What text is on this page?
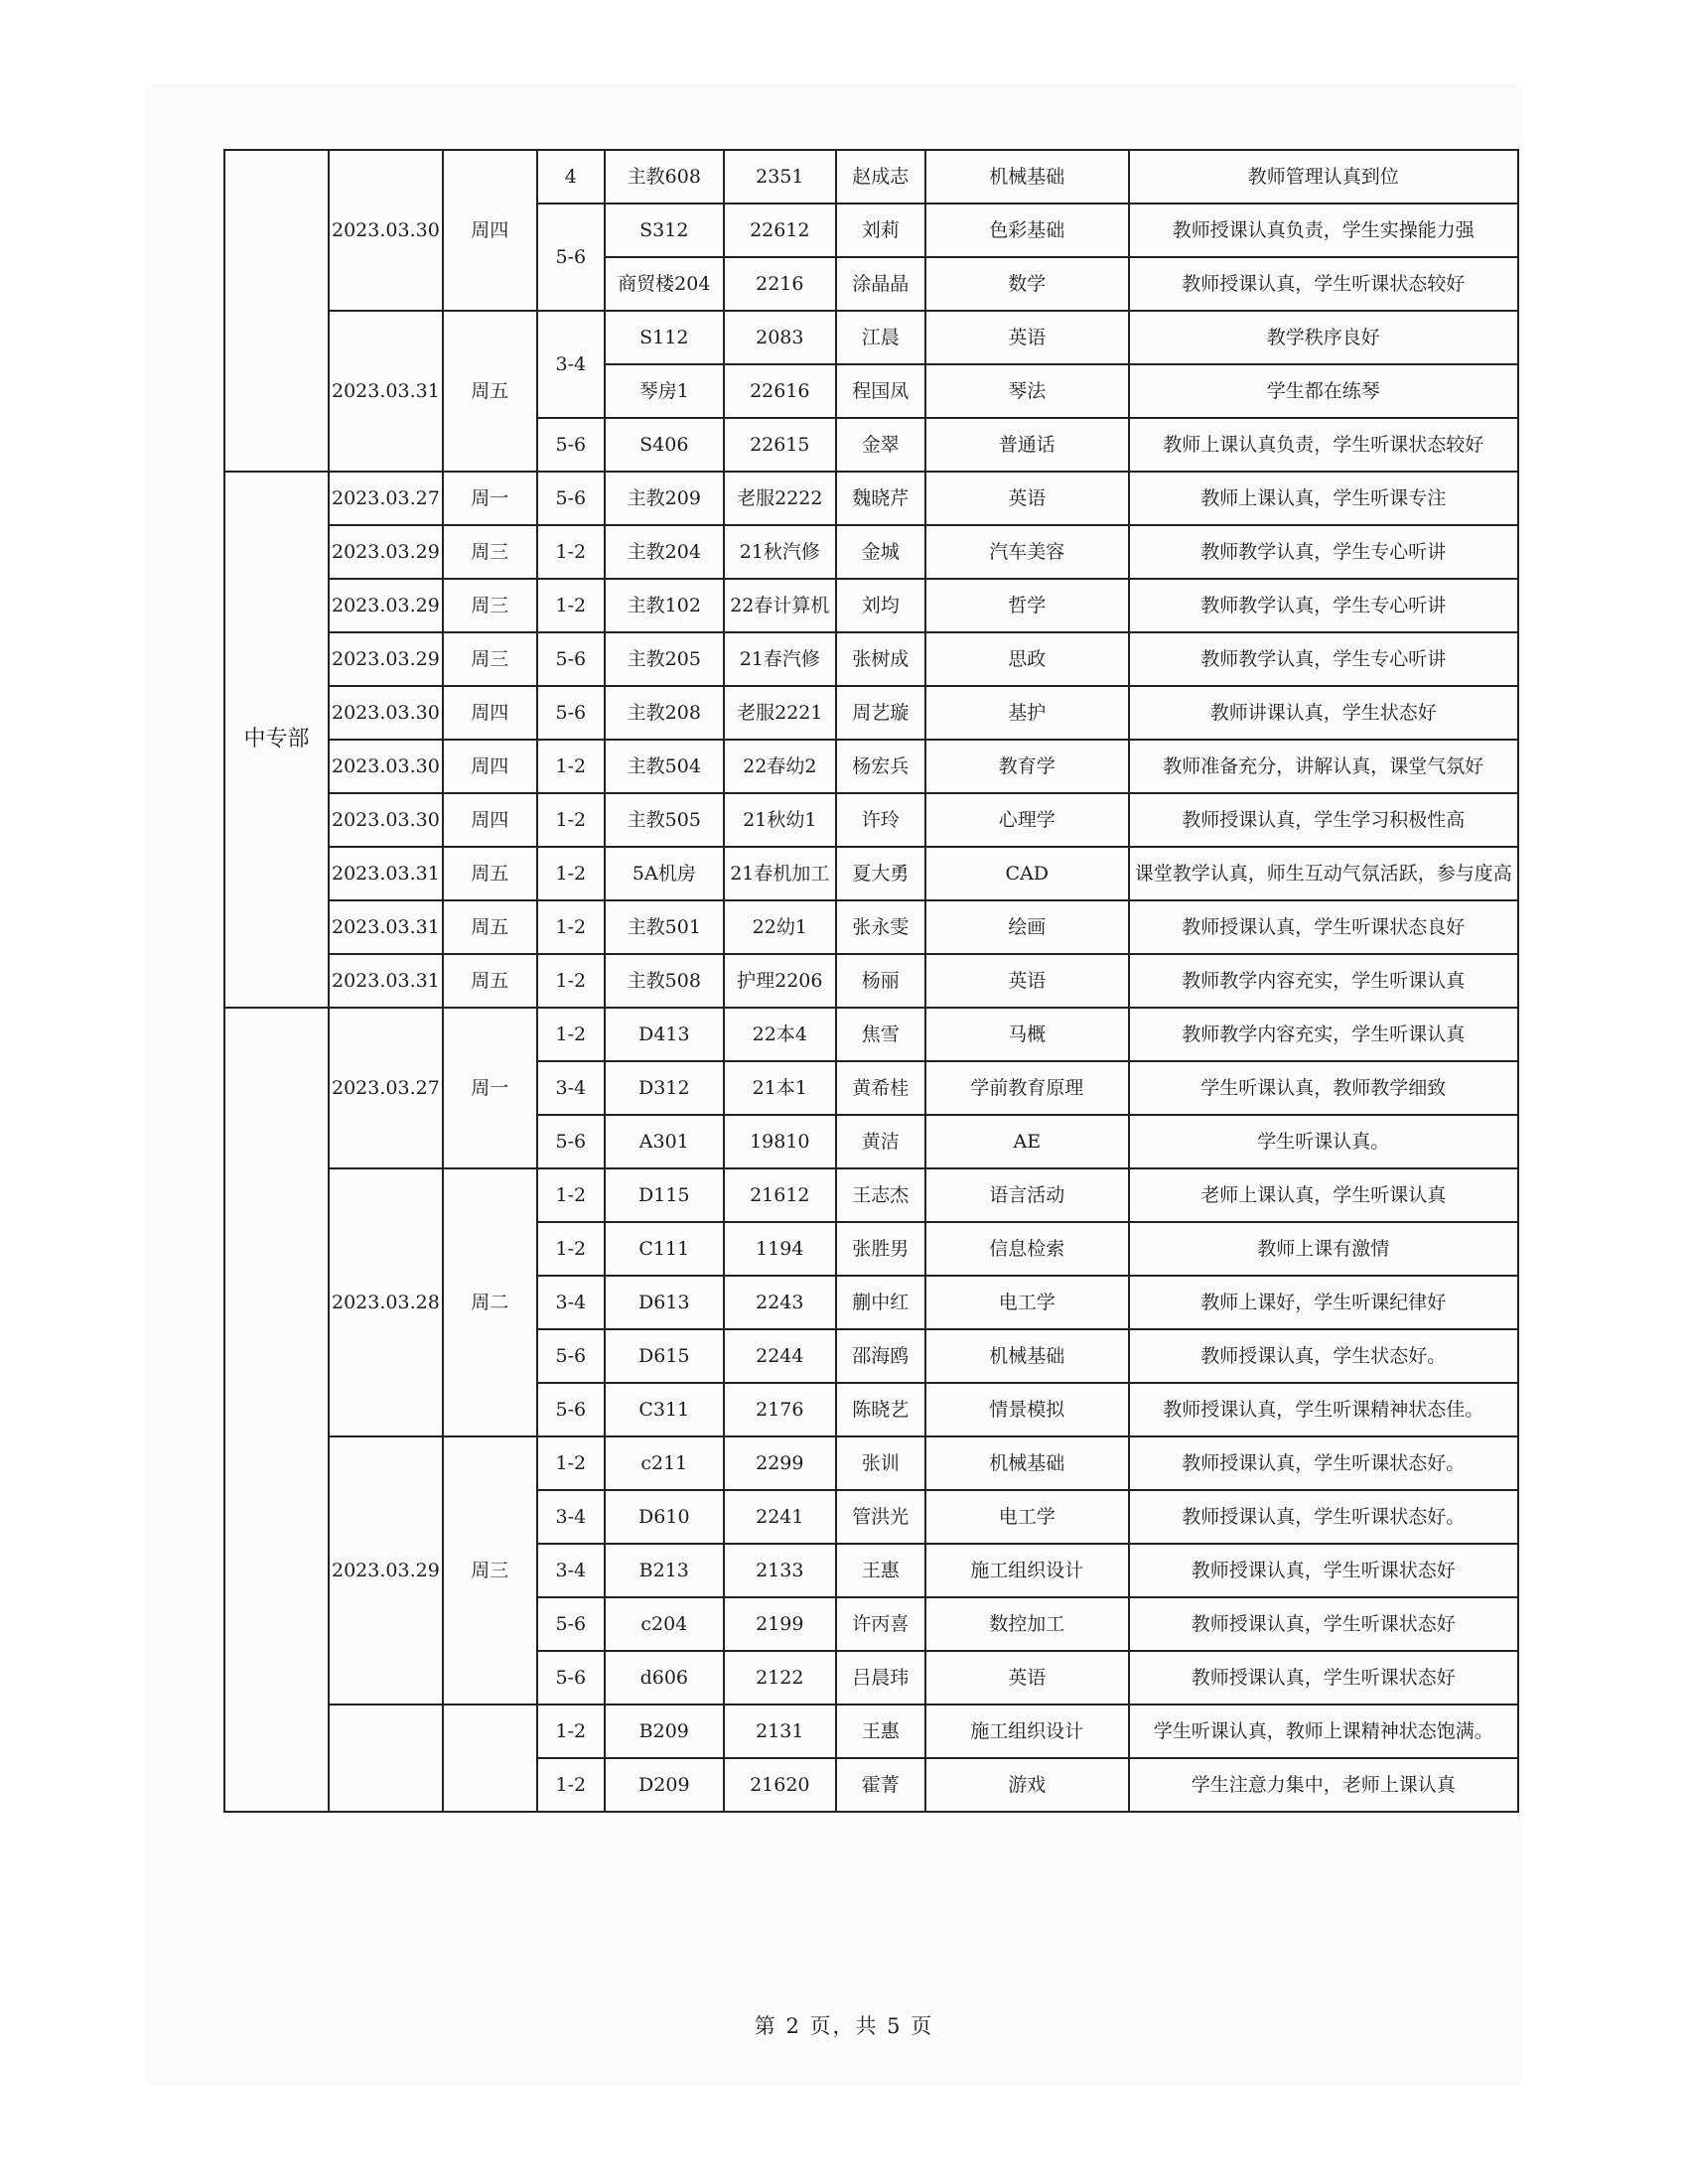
	2023.03.30	周四	4	主教608	2351	赵成志	机械基础	教师管理认真到位
			5-6	S312	22612	刘莉	色彩基础	教师授课认真负责，学生实操能力强
				商贸楼204	2216	涂晶晶	数学	教师授课认真，学生听课状态较好
	2023.03.31	周五	3-4	S112	2083	江晨	英语	教学秩序良好
				琴房1	22616	程国凤	琴法	学生都在练琴
			5-6	S406	22615	金翠	普通话	教师上课认真负责，学生听课状态较好
中专部	2023.03.27	周一	5-6	主教209	老服2222	魏晓芹	英语	教师上课认真，学生听课专注
	2023.03.29	周三	1-2	主教204	21秋汽修	金城	汽车美容	教师教学认真，学生专心听讲
	2023.03.29	周三	1-2	主教102	22春计算机	刘均	哲学	教师教学认真，学生专心听讲
	2023.03.29	周三	5-6	主教205	21春汽修	张树成	思政	教师教学认真，学生专心听讲
	2023.03.30	周四	5-6	主教208	老服2221	周艺璇	基护	教师讲课认真，学生状态好
	2023.03.30	周四	1-2	主教504	22春幼2	杨宏兵	教育学	教师准备充分，讲解认真，课堂气氛好
	2023.03.30	周四	1-2	主教505	21秋幼1	许玲	心理学	教师授课认真，学生学习积极性高
	2023.03.31	周五	1-2	5A机房	21春机加工	夏大勇	CAD	课堂教学认真，师生互动气氛活跃，参与度高
	2023.03.31	周五	1-2	主教501	22幼1	张永雯	绘画	教师授课认真，学生听课状态良好
	2023.03.31	周五	1-2	主教508	护理2206	杨丽	英语	教师教学内容充实，学生听课认真
	2023.03.27	周一	1-2	D413	22本4	焦雪	马概	教师教学内容充实，学生听课认真
			3-4	D312	21本1	黄希桂	学前教育原理	学生听课认真，教师教学细致
			5-6	A301	19810	黄洁	AE	学生听课认真。
	2023.03.28	周二	1-2	D115	21612	王志杰	语言活动	老师上课认真，学生听课认真
			1-2	C111	1194	张胜男	信息检索	教师上课有激情
			3-4	D613	2243	蒯中红	电工学	教师上课好，学生听课纪律好
			5-6	D615	2244	邵海鸥	机械基础	教师授课认真，学生状态好。
			5-6	C311	2176	陈晓艺	情景模拟	教师授课认真，学生听课精神状态佳。
	2023.03.29	周三	1-2	c211	2299	张训	机械基础	教师授课认真，学生听课状态好。
			3-4	D610	2241	管洪光	电工学	教师授课认真，学生听课状态好。
			3-4	B213	2133	王惠	施工组织设计	教师授课认真，学生听课状态好
			5-6	c204	2199	许丙喜	数控加工	教师授课认真，学生听课状态好
			5-6	d606	2122	吕晨玮	英语	教师授课认真，学生听课状态好
			1-2	B209	2131	王惠	施工组织设计	学生听课认真，教师上课精神状态饱满。
			1-2	D209	21620	霍菁	游戏	学生注意力集中，老师上课认真
第 2 页，共 5 页
